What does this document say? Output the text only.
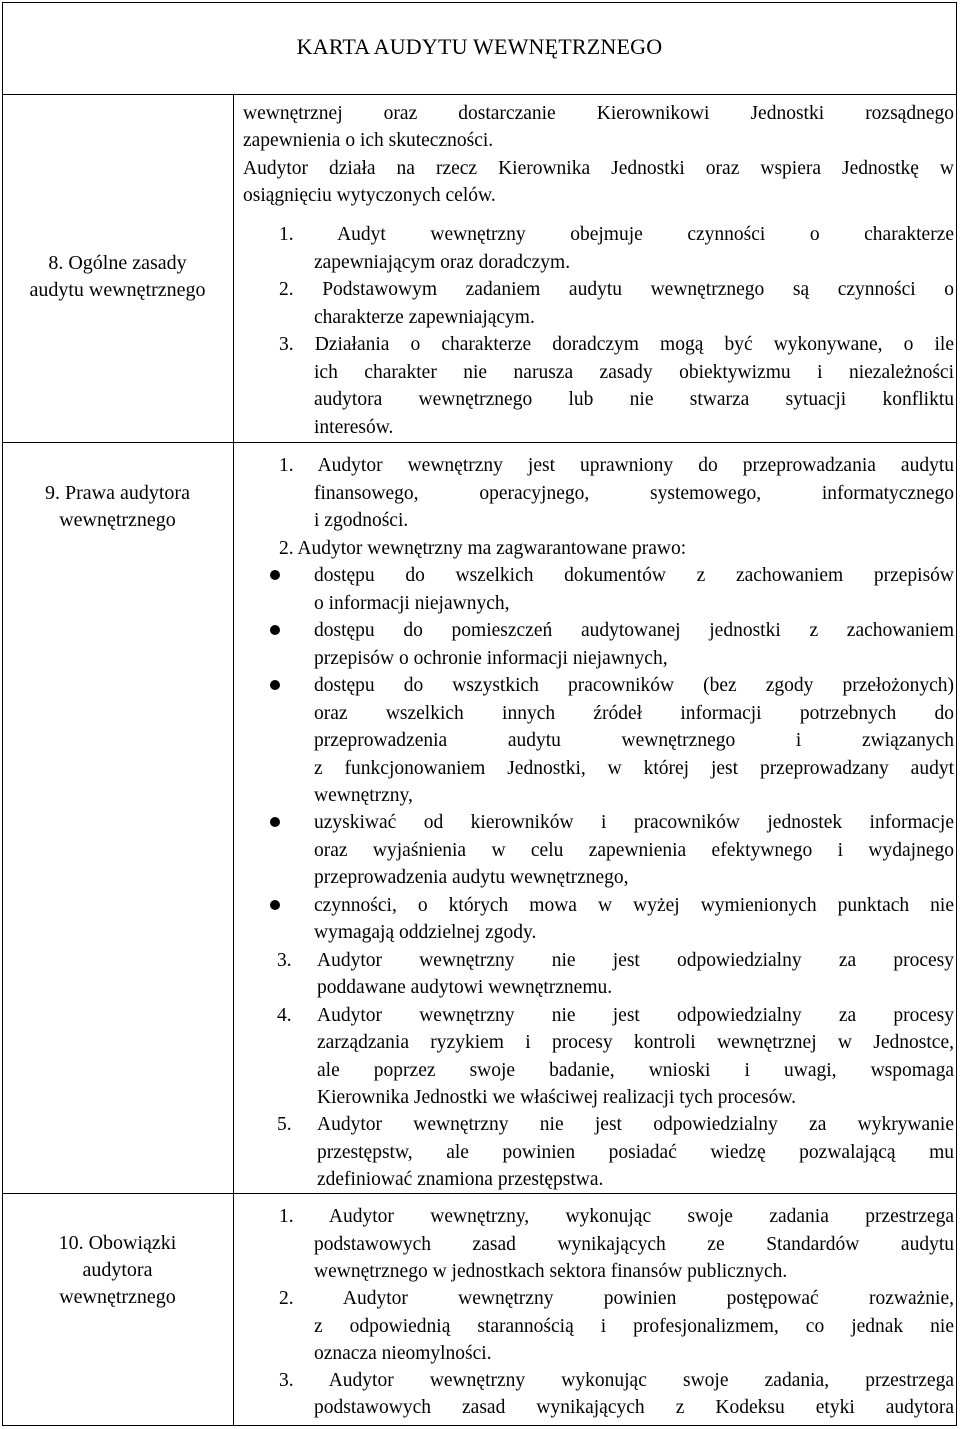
KARTA AUDYTU WEWNĘTRZNEGO
8. Ogólne zasady
audytu wewnętrznego
9. Prawa audytora
wewnętrznego
10. Obowiązki
audytora
wewnętrznego
wewnętrznej oraz dostarczanie Kierownikowi Jednostki rozsądnego
zapewnienia o ich skuteczności.
Audytor działa na rzecz Kierownika Jednostki oraz wspiera Jednostkę w
osiągnięciu wytyczonych celów.
1. Audyt wewnętrzny obejmuje czynności o charakterze
zapewniającym oraz doradczym.
2. Podstawowym zadaniem audytu wewnętrznego są czynności o
charakterze zapewniającym.
3. Działania o charakterze doradczym mogą być wykonywane, o ile
ich charakter nie narusza zasady obiektywizmu i niezależności
audytora wewnętrznego lub nie stwarza sytuacji konfliktu
interesów.
1. Audytor wewnętrzny jest uprawniony do przeprowadzania audytu
finansowego, operacyjnego, systemowego, informatycznego
i zgodności.
2. Audytor wewnętrzny ma zagwarantowane prawo:
dostępu do wszelkich dokumentów z zachowaniem przepisów
o informacji niejawnych,
dostępu do pomieszczeń audytowanej jednostki z zachowaniem
przepisów o ochronie informacji niejawnych,
dostępu do wszystkich pracowników (bez zgody przełożonych)
oraz wszelkich innych źródeł informacji potrzebnych do
przeprowadzenia audytu wewnętrznego i związanych
z funkcjonowaniem Jednostki, w której jest przeprowadzany audyt
wewnętrzny,
uzyskiwać od kierowników i pracowników jednostek informacje
oraz wyjaśnienia w celu zapewnienia efektywnego i wydajnego
przeprowadzenia audytu wewnętrznego,
czynności, o których mowa w wyżej wymienionych punktach nie
wymagają oddzielnej zgody.
3. Audytor wewnętrzny nie jest odpowiedzialny za procesy
poddawane audytowi wewnętrznemu.
4. Audytor wewnętrzny nie jest odpowiedzialny za procesy
zarządzania ryzykiem i procesy kontroli wewnętrznej w Jednostce,
ale poprzez swoje badanie, wnioski i uwagi, wspomaga
Kierownika Jednostki we właściwej realizacji tych procesów.
5. Audytor wewnętrzny nie jest odpowiedzialny za wykrywanie
przestępstw, ale powinien posiadać wiedzę pozwalającą mu
zdefiniować znamiona przestępstwa.
1. Audytor wewnętrzny, wykonując swoje zadania przestrzega
podstawowych zasad wynikających ze Standardów audytu
wewnętrznego w jednostkach sektora finansów publicznych.
2. Audytor wewnętrzny powinien postępować rozważnie,
z odpowiednią starannością i profesjonalizmem, co jednak nie
oznacza nieomylności.
3. Audytor wewnętrzny wykonując swoje zadania, przestrzega
podstawowych zasad wynikających z Kodeksu etyki audytora
